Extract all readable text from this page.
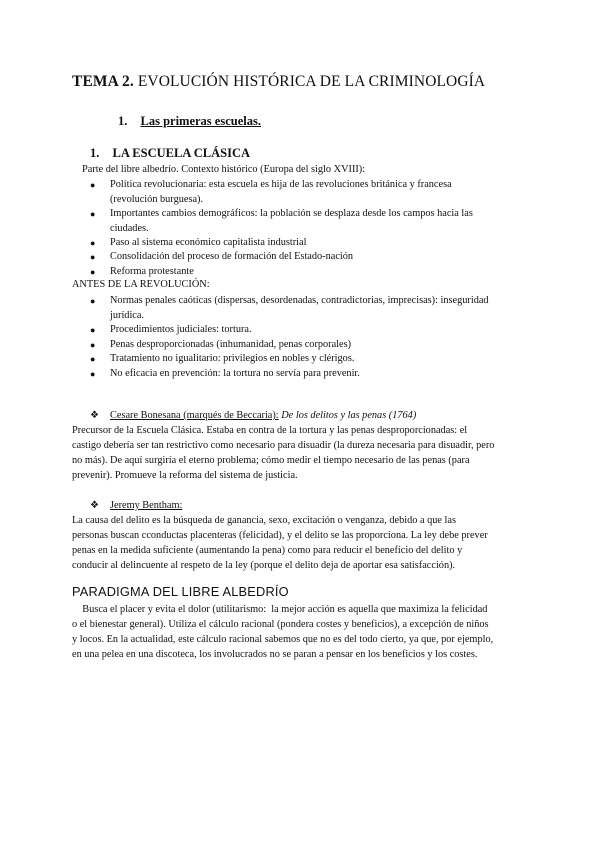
TEMA 2. EVOLUCIÓN HISTÓRICA DE LA CRIMINOLOGÍA
1. Las primeras escuelas.
1. LA ESCUELA CLÁSICA
Parte del libre albedrío. Contexto histórico (Europa del siglo XVIII):
● Política revolucionaria: esta escuela es hija de las revoluciones británica y francesa
(revolución burguesa).
● Importantes cambios demográficos: la población se desplaza desde los campos hacia las
ciudades.
● Paso al sistema económico capitalista industrial
● Consolidación del proceso de formación del Estado-nación
● Reforma protestante
ANTES DE LA REVOLUCIÓN:
● Normas penales caóticas (dispersas, desordenadas, contradictorias, imprecisas): inseguridad
jurídica.
● Procedimientos judiciales: tortura.
● Penas desproporcionadas (inhumanidad, penas corporales)
● Tratamiento no igualitario: privilegios en nobles y clérigos.
● No eficacia en prevención: la tortura no servía para prevenir.
❖ Cesare Bonesana (marqués de Beccaria): De los delitos y las penas (1764)
Precursor de la Escuela Clásica. Estaba en contra de la tortura y las penas desproporcionadas: el
castigo debería ser tan restrictivo como necesario para disuadir (la dureza necesaria para disuadir, pero
no más). De aquí surgiría el eterno problema; cómo medir el tiempo necesario de las penas (para
prevenir). Promueve la reforma del sistema de justicia.
❖ Jeremy Bentham:
La causa del delito es la búsqueda de ganancia, sexo, excitación o venganza, debido a que las
personas buscan cconductas placenteras (felicidad), y el delito se las proporciona. La ley debe prever
penas en la medida suficiente (aumentando la pena) como para reducir el beneficio del delito y
conducir al delincuente al respeto de la ley (porque el delito deja de aportar esa satisfacción).
PARADIGMA DEL LIBRE ALBEDRÍO
Busca el placer y evita el dolor (utilitarismo:  la mejor acción es aquella que maximiza la felicidad
o el bienestar general). Utiliza el cálculo racional (pondera costes y beneficios), a excepción de niños
y locos. En la actualidad, este cálculo racional sabemos que no es del todo cierto, ya que, por ejemplo,
en una pelea en una discoteca, los involucrados no se paran a pensar en los beneficios y los costes.
